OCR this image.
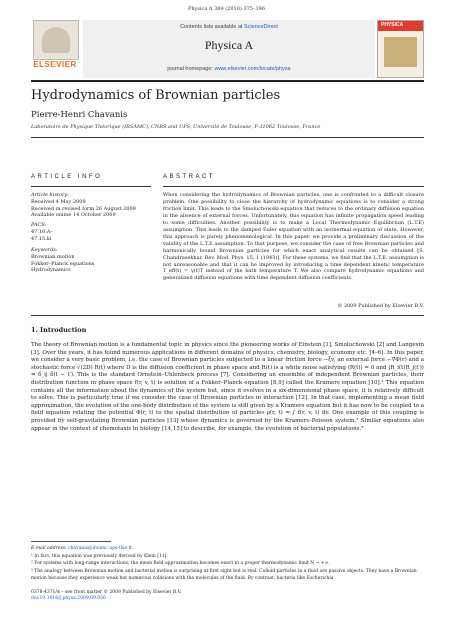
Physica A 389 (2010) 375–396
ELSEVIER
Contents lists available at ScienceDirect
Physica A
journal homepage: www.elsevier.com/locate/physa
PHYSICA
Hydrodynamics of Brownian particles
Pierre-Henri Chavanis
Laboratoire de Physique Théorique (IRSAMC), CNRS and UPS, Université de Toulouse, F-31062 Toulouse, France
ARTICLE INFO	ABSTRACT
Article history:
Received 4 May 2009
Received in revised form 26 August 2009
Available online 14 October 2009
PACS:
47.10.A–
47.15.ki
Keywords:
Brownian motion
Fokker–Planck equations
Hydrodynamics
When considering the hydrodynamics of Brownian particles, one is confronted to a difficult closure problem. One possibility to close the hierarchy of hydrodynamic equations is to consider a strong friction limit. This leads to the Smoluchowski equation that reduces to the ordinary diffusion equation in the absence of external forces. Unfortunately, this equation has infinite propagation speed leading to some difficulties. Another possibility is to make a Local Thermodynamic Equilibrium (L.T.E) assumption. This leads to the damped Euler equation with an isothermal equation of state. However, this approach is purely phenomenological. In this paper, we provide a preliminary discussion of the validity of the L.T.E assumption. To that purpose, we consider the case of free Brownian particles and harmonically bound Brownian particles for which exact analytical results can be obtained [S. Chandrasekhar, Rev. Mod. Phys. 15, 1 (1943)]. For these systems, we find that the L.T.E. assumption is not unreasonable and that it can be improved by introducing a time dependent kinetic temperature T_eff(t) = γ(t)T instead of the bath temperature T. We also compare hydrodynamic equations and generalized diffusion equations with time dependent diffusion coefficients.
© 2009 Published by Elsevier B.V.
1. Introduction
The theory of Brownian motion is a fundamental topic in physics since the pioneering works of Einstein [1], Smoluchowski [2] and Langevin [3]. Over the years, it has found numerous applications in different domains of physics, chemistry, biology, economy etc. [4–6]. In this paper, we consider a very basic problem, i.e. the case of Brownian particles subjected to a linear friction force −ξv, an external force −∇Φ(r) and a stochastic force √(2D) R(t) where D is the diffusion coefficient in phase space and R(t) is a white noise satisfying ⟨R(t)⟩ = 0 and ⟨R_i(t)R_j(t′)⟩ = δ_ij δ(t − t′). This is the standard Ornstein–Uhlenbeck process [7]. Considering an ensemble of independent Brownian particles, their distribution function in phase space f(r, v, t) is solution of a Fokker–Planck equation [8,9] called the Kramers equation [10].¹ This equation contains all the information about the dynamics of the system but, since it evolves in a six-dimensional phase space, it is relatively difficult to solve. This is particularly true if we consider the case of Brownian particles in interaction [12]. In that case, implementing a mean field approximation, the evolution of the one-body distribution of the system is still given by a Kramers equation but it has now to be coupled to a field equation relating the potential Φ(r, t) to the spatial distribution of particles ρ(r, t) = ∫ f(r, v, t) dv. One example of this coupling is provided by self-gravitating Brownian particles [13] whose dynamics is governed by the Kramers–Poisson system.² Similar equations also appear in the context of chemotaxis in biology [14,15] to describe, for example, the evolution of bacterial populations.³
E-mail address: chavanis@irsamc.ups-tlse.fr.
¹ In fact, this equation was previously derived by Klein [11].
² For systems with long-range interactions, the mean field approximation becomes exact in a proper thermodynamic limit N → +∞.
³ The analogy between Brownian motion and bacterial motion is surprising at first sight but is real. Colloid particles in a fluid are passive objects. They have a Brownian motion because they experience weak but numerous collisions with the molecules of the fluid. By contrast, bacteria like Escherichia
0378-4371/$ – see front matter © 2009 Published by Elsevier B.V.
doi:10.1016/j.physa.2009.09.050
